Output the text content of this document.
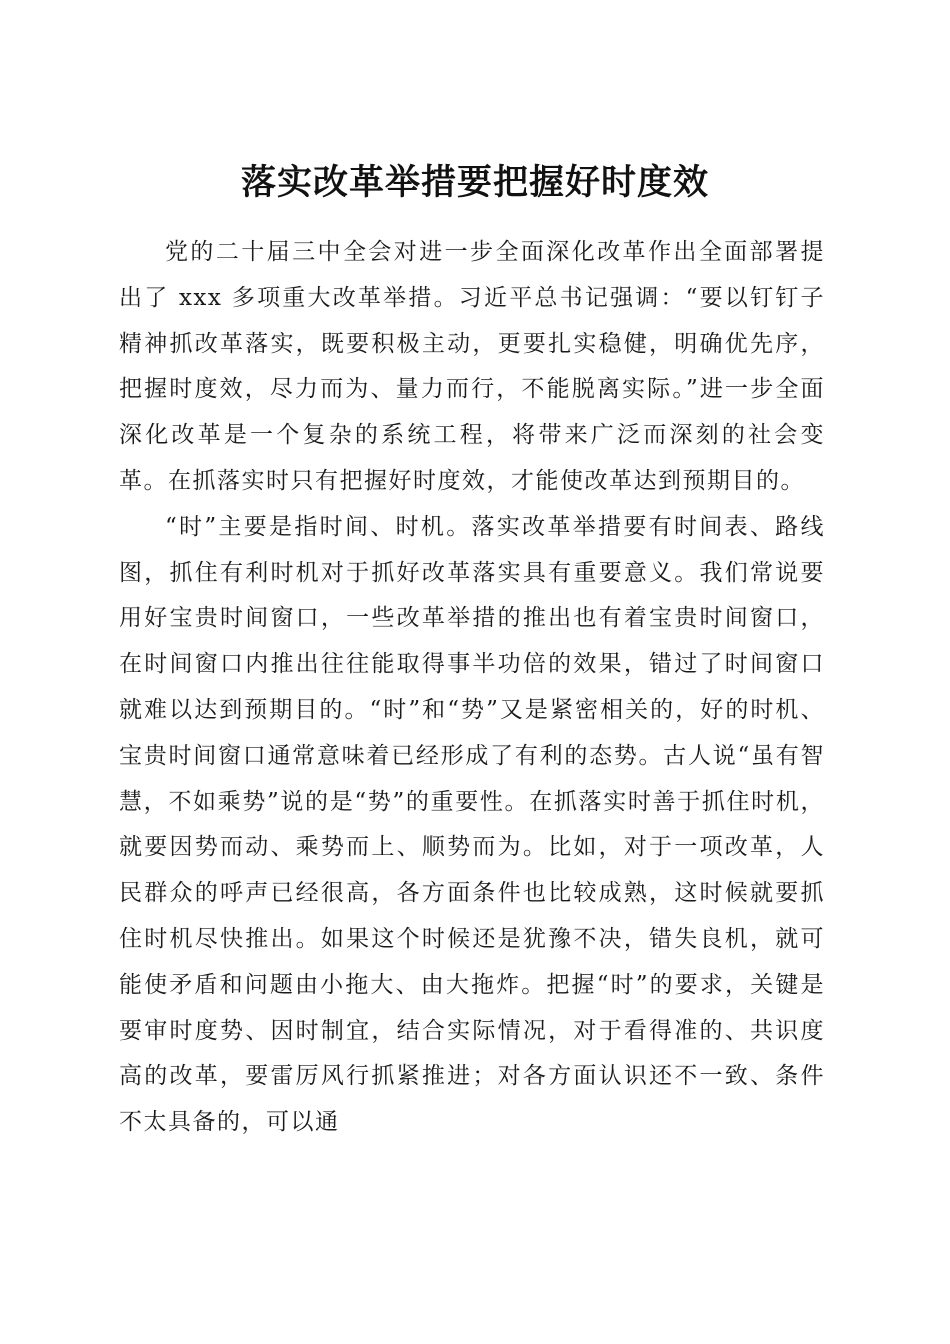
落实改革举措要把握好时度效

党的二十届三中全会对进一步全面深化改革作出全面部署提出了 xxx 多项重大改革举措。习近平总书记强调：“要以钉钉子精神抓改革落实，既要积极主动，更要扎实稳健，明确优先序，把握时度效，尽力而为、量力而行，不能脱离实际。”进一步全面深化改革是一个复杂的系统工程，将带来广泛而深刻的社会变革。在抓落实时只有把握好时度效，才能使改革达到预期目的。

“时”主要是指时间、时机。落实改革举措要有时间表、路线图，抓住有利时机对于抓好改革落实具有重要意义。我们常说要用好宝贵时间窗口，一些改革举措的推出也有着宝贵时间窗口，在时间窗口内推出往往能取得事半功倍的效果，错过了时间窗口就难以达到预期目的。“时”和“势”又是紧密相关的，好的时机、宝贵时间窗口通常意味着已经形成了有利的态势。古人说“虽有智慧，不如乘势”说的是“势”的重要性。在抓落实时善于抓住时机，就要因势而动、乘势而上、顺势而为。比如，对于一项改革，人民群众的呼声已经很高，各方面条件也比较成熟，这时候就要抓住时机尽快推出。如果这个时候还是犹豫不决，错失良机，就可能使矛盾和问题由小拖大、由大拖炸。把握“时”的要求，关键是要审时度势、因时制宜，结合实际情况，对于看得准的、共识度高的改革，要雷厉风行抓紧推进；对各方面认识还不一致、条件不太具备的，可以通
